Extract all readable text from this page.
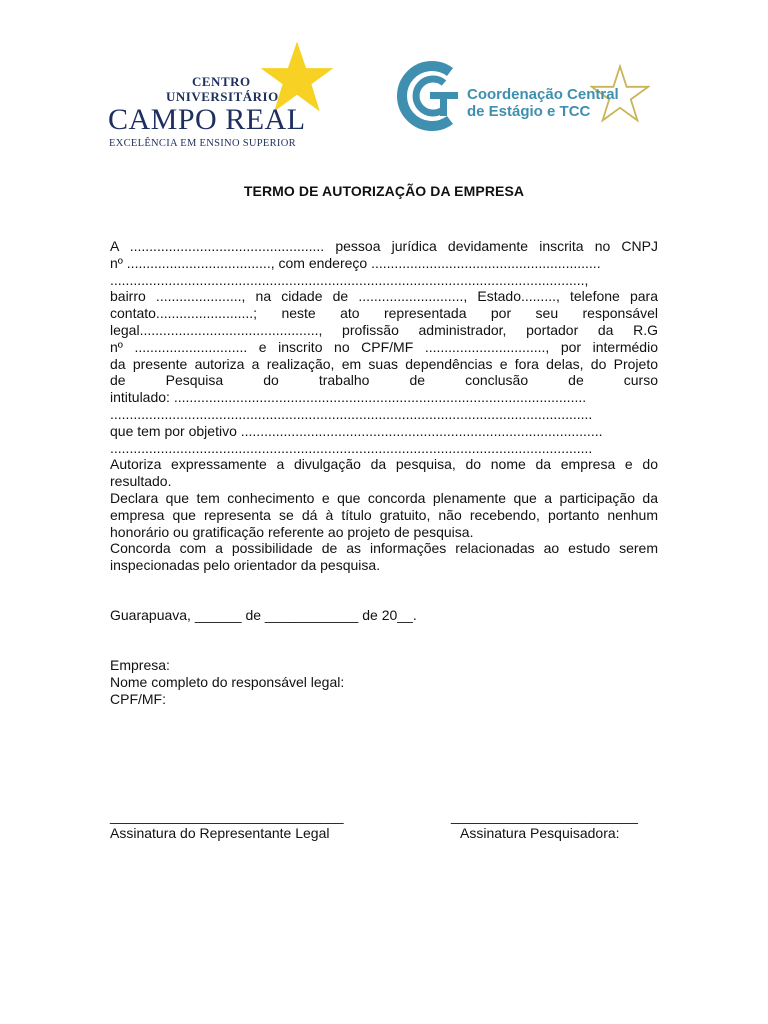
CENTRO
UNIVERSITÁRIO
CAMPO REAL
EXCELÊNCIA EM ENSINO SUPERIOR
Coordenação Central
de Estágio e TCC
TERMO DE AUTORIZAÇÃO DA EMPRESA
A .................................................. pessoa jurídica devidamente inscrita no CNPJ
nº ....................................., com endereço ...........................................................
..........................................................................................................................,
bairro ......................, na cidade de ..........................., Estado........., telefone para
contato.........................; neste ato representada por seu responsável
legal.............................................., profissão administrador, portador da R.G
nº ............................. e inscrito no CPF/MF ..............................., por intermédio
da presente autoriza a realização, em suas dependências e fora delas, do Projeto
de Pesquisa do trabalho de conclusão de curso
intitulado: ..........................................................................................................
............................................................................................................................
que tem por objetivo .............................................................................................
............................................................................................................................

Autoriza expressamente a divulgação da pesquisa, do nome da empresa e do resultado.

Declara que tem conhecimento e que concorda plenamente que a participação da empresa que representa se dá à título gratuito, não recebendo, portanto nenhum honorário ou gratificação referente ao projeto de pesquisa.

Concorda com a possibilidade de as informações relacionadas ao estudo serem inspecionadas pelo orientador da pesquisa.

Guarapuava, ______ de ____________ de 20__.
Empresa:
Nome completo do responsável legal:
CPF/MF:
______________________________	________________________
Assinatura do Representante Legal	Assinatura Pesquisadora:
